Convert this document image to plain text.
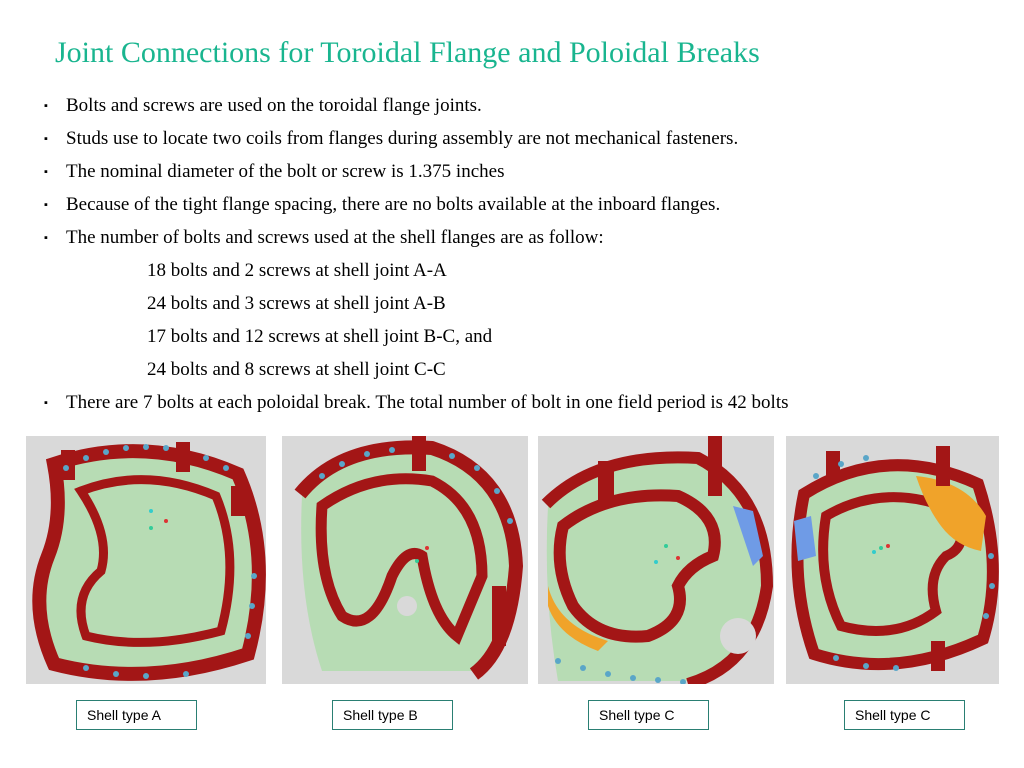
Joint Connections for Toroidal Flange and Poloidal Breaks
▪ Bolts and screws are used on the toroidal flange joints.
▪ Studs use to locate two coils from flanges during assembly are not mechanical fasteners.
▪ The nominal diameter of the bolt or screw is 1.375 inches
▪ Because of the tight flange spacing, there are no bolts available at the inboard flanges.
▪ The number of bolts and screws used at the shell flanges are as follow:
18 bolts and 2 screws at shell joint A-A
24 bolts and 3 screws at shell joint A-B
17 bolts and 12 screws at shell joint B-C, and
24 bolts and 8 screws at shell joint C-C
▪ There are 7 bolts at each poloidal break. The total number of bolt in one field period is 42 bolts
Shell type A	Shell type B	Shell type C	Shell type C
